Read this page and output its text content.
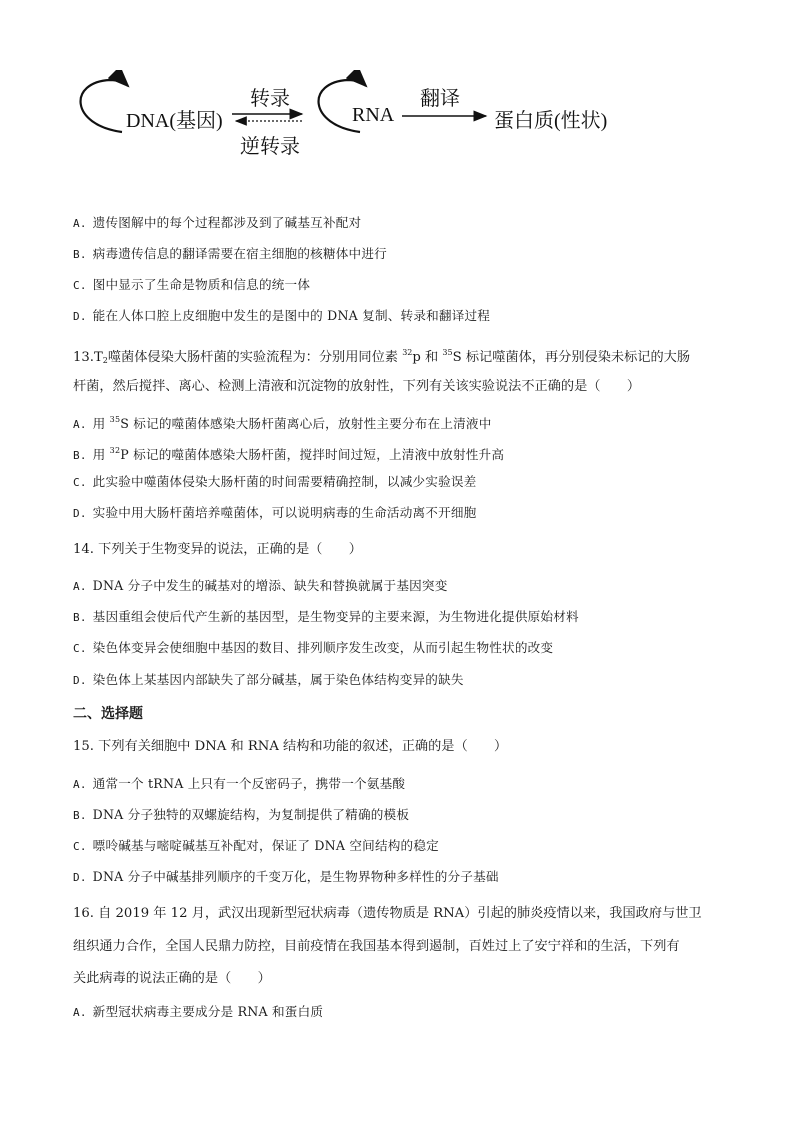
DNA(基因)
转录
逆转录
RNA
翻译
蛋白质(性状)
A. 遗传图解中的每个过程都涉及到了碱基互补配对
B. 病毒遗传信息的翻译需要在宿主细胞的核糖体中进行
C. 图中显示了生命是物质和信息的统一体
D. 能在人体口腔上皮细胞中发生的是图中的 DNA 复制、转录和翻译过程
$13.T_2$噬菌体侵染大肠杆菌的实验流程为：分别用同位素 $^{32}$p 和 $^{35}$S 标记噬菌体，再分别侵染未标记的大肠
杆菌，然后搅拌、离心、检测上清液和沉淀物的放射性，下列有关该实验说法不正确的是（　　）
A. 用 $^{35}$S 标记的噬菌体感染大肠杆菌离心后，放射性主要分布在上清液中
B. 用 $^{32}$P 标记的噬菌体感染大肠杆菌，搅拌时间过短，上清液中放射性升高
C. 此实验中噬菌体侵染大肠杆菌的时间需要精确控制，以减少实验误差
D. 实验中用大肠杆菌培养噬菌体，可以说明病毒的生命活动离不开细胞
14. 下列关于生物变异的说法，正确的是（　　）
A. DNA 分子中发生的碱基对的增添、缺失和替换就属于基因突变
B. 基因重组会使后代产生新的基因型，是生物变异的主要来源，为生物进化提供原始材料
C. 染色体变异会使细胞中基因的数目、排列顺序发生改变，从而引起生物性状的改变
D. 染色体上某基因内部缺失了部分碱基，属于染色体结构变异的缺失
二、选择题
15. 下列有关细胞中 DNA 和 RNA 结构和功能的叙述，正确的是（　　）
A. 通常一个 tRNA 上只有一个反密码子，携带一个氨基酸
B. DNA 分子独特的双螺旋结构，为复制提供了精确的模板
C. 嘌呤碱基与嘧啶碱基互补配对，保证了 DNA 空间结构的稳定
D. DNA 分子中碱基排列顺序的千变万化，是生物界物种多样性的分子基础
16. 自 2019 年 12 月，武汉出现新型冠状病毒（遗传物质是 RNA）引起的肺炎疫情以来，我国政府与世卫
组织通力合作，全国人民鼎力防控，目前疫情在我国基本得到遏制，百姓过上了安宁祥和的生活，下列有
关此病毒的说法正确的是（　　）
A. 新型冠状病毒主要成分是 RNA 和蛋白质
